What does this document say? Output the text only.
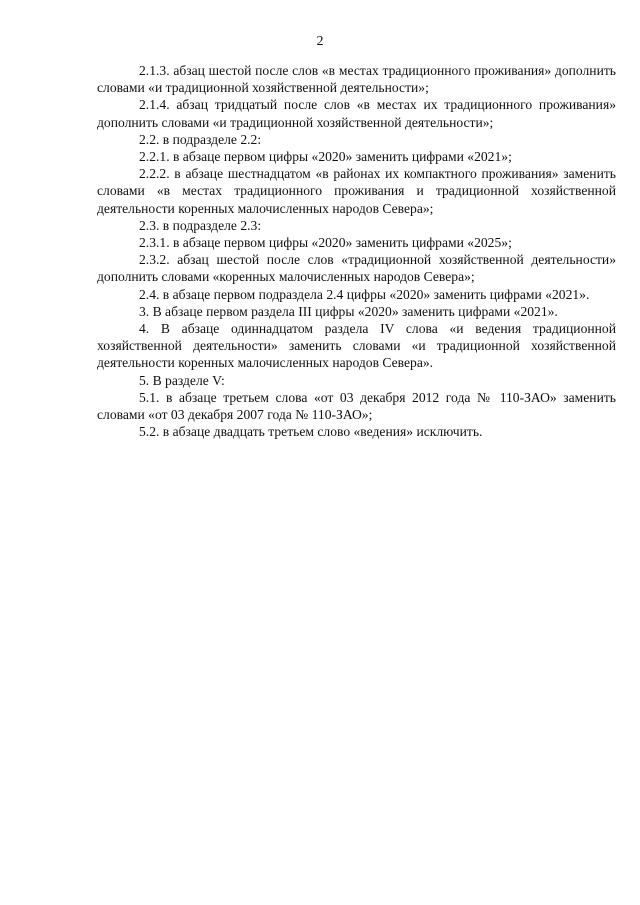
2

2.1.3. абзац шестой после слов «в местах традиционного проживания» дополнить словами «и традиционной хозяйственной деятельности»;

2.1.4. абзац тридцатый после слов «в местах их традиционного проживания» дополнить словами «и традиционной хозяйственной деятельности»;

2.2. в подразделе 2.2:

2.2.1. в абзаце первом цифры «2020» заменить цифрами «2021»;

2.2.2. в абзаце шестнадцатом «в районах их компактного проживания» заменить словами «в местах традиционного проживания и традиционной хозяйственной деятельности коренных малочисленных народов Севера»;

2.3. в подразделе 2.3:

2.3.1. в абзаце первом цифры «2020» заменить цифрами «2025»;

2.3.2. абзац шестой после слов «традиционной хозяйственной деятельности» дополнить словами «коренных малочисленных народов Севера»;

2.4. в абзаце первом подраздела 2.4 цифры «2020» заменить цифрами «2021».

3. В абзаце первом раздела III цифры «2020» заменить цифрами «2021».

4. В абзаце одиннадцатом раздела IV слова «и ведения традиционной хозяйственной деятельности» заменить словами «и традиционной хозяйственной деятельности коренных малочисленных народов Севера».

5. В разделе V:

5.1. в абзаце третьем слова «от 03 декабря 2012 года № 110-ЗАО» заменить словами «от 03 декабря 2007 года № 110-ЗАО»;

5.2. в абзаце двадцать третьем слово «ведения» исключить.
